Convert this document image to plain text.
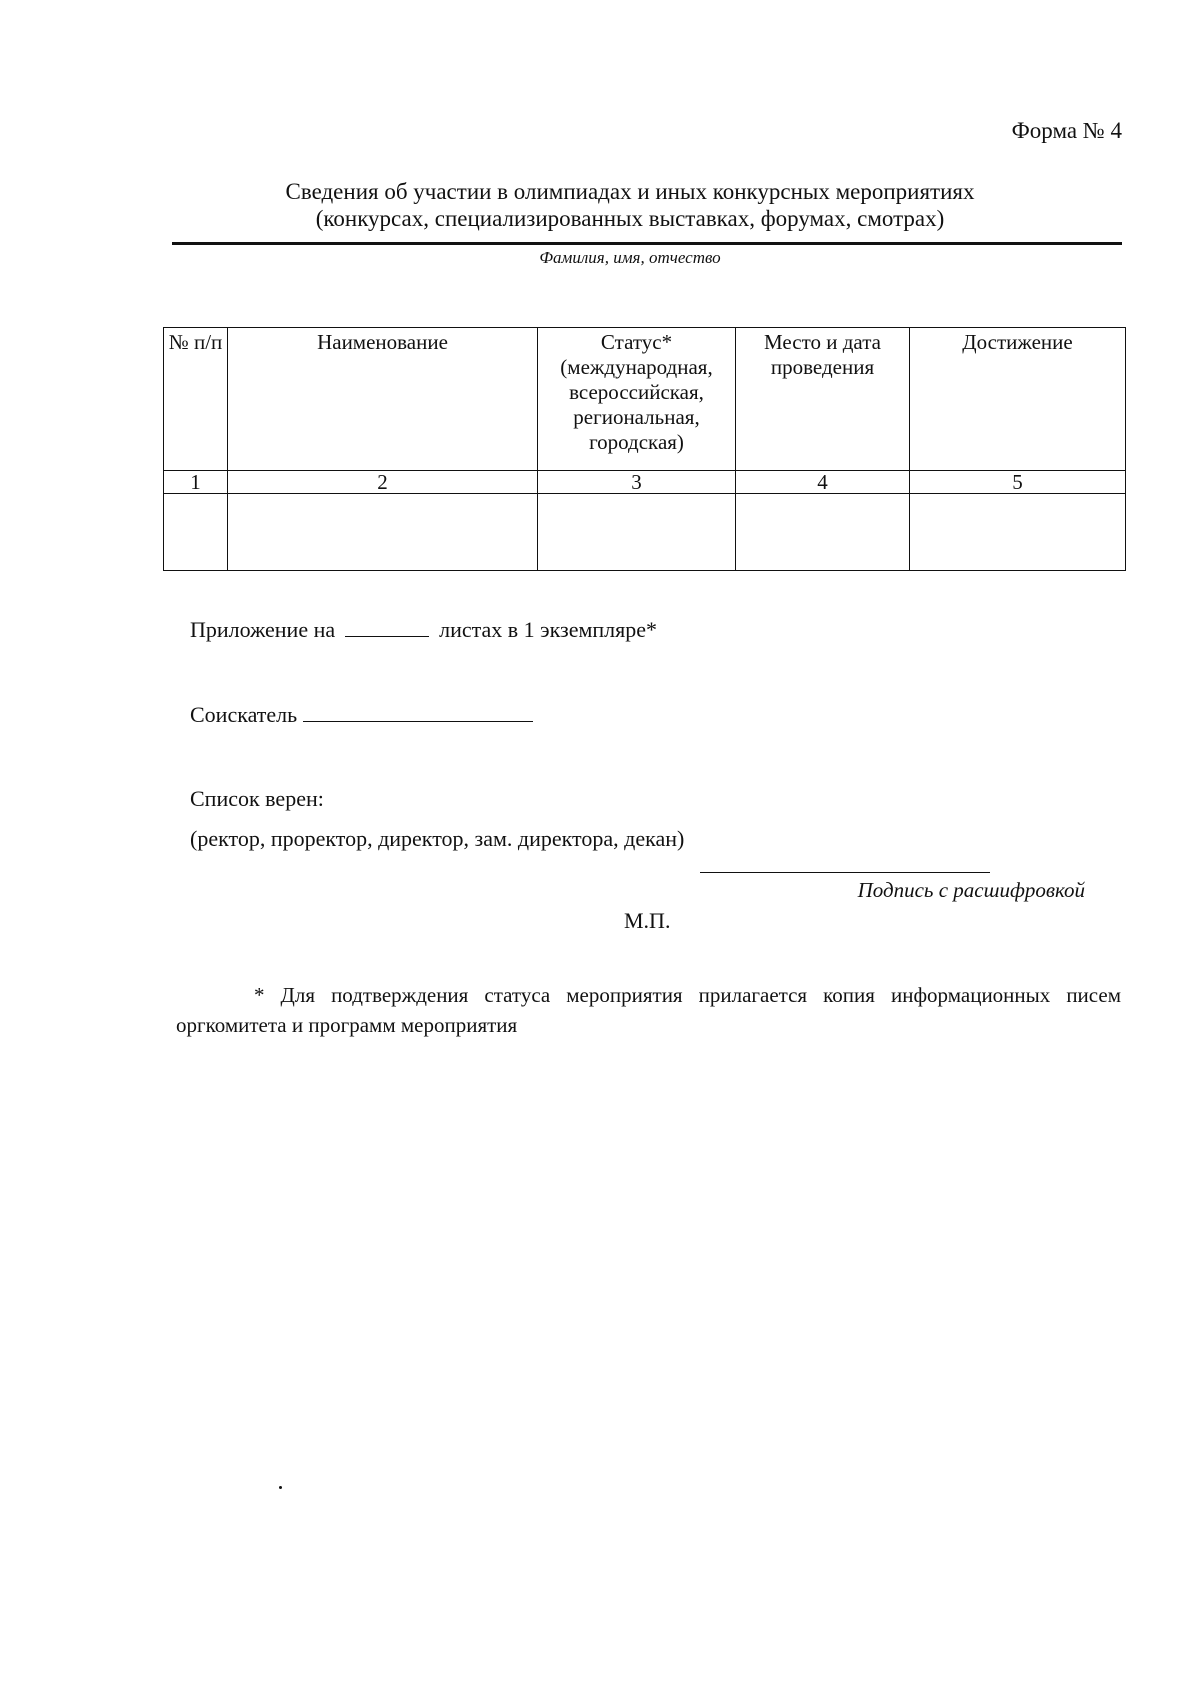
Форма № 4
Сведения об участии в олимпиадах и иных конкурсных мероприятиях
(конкурсах, специализированных выставках, форумах, смотрах)
Фамилия, имя, отчество
№ п/п	Наименование	Статус* (международная, всероссийская, региональная, городская)	Место и дата проведения	Достижение
1	2	3	4	5

Приложение на	листах в 1 экземпляре*
Соискатель
Список верен:
(ректор, проректор, директор, зам. директора, декан)
Подпись с расшифровкой
М.П.
* Для подтверждения статуса мероприятия прилагается копия информационных писем оргкомитета и программ мероприятия
